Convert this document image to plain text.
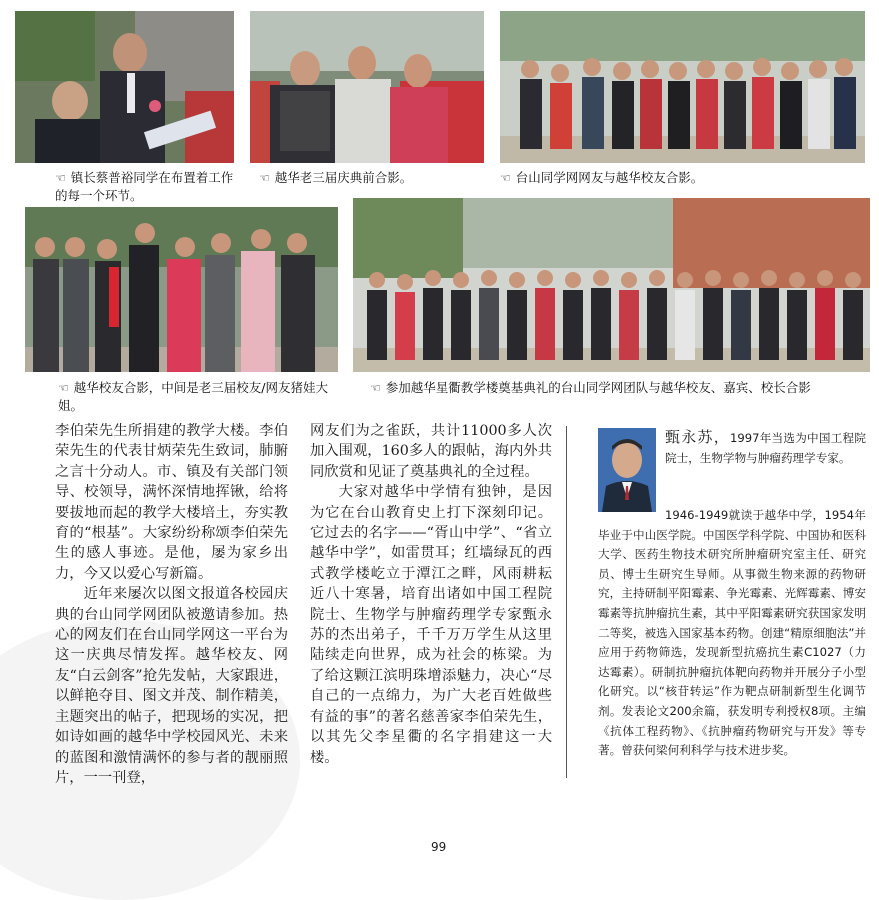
☜ 镇长蔡普裕同学在布置着工作的每一个环节。
☜ 越华老三届庆典前合影。	☜ 台山同学网网友与越华校友合影。
☜ 越华校友合影，中间是老三届校友/网友猪娃大姐。
☜ 参加越华星衢教学楼奠基典礼的台山同学网团队与越华校友、嘉宾、校长合影

李伯荣先生所捐建的教学大楼。李伯荣先生的代表甘炳荣先生致词，肺腑之言十分动人。市、镇及有关部门领导、校领导，满怀深情地挥锹，给将要拔地而起的教学大楼培土，夯实教育的“根基”。大家纷纷称颂李伯荣先生的感人事迹。是他，屡为家乡出力，今又以爱心写新篇。

近年来屡次以图文报道各校园庆典的台山同学网团队被邀请参加。热心的网友们在台山同学网这一平台为这一庆典尽情发挥。越华校友、网友“白云剑客”抢先发帖，大家跟进，以鲜艳夺目、图文并茂、制作精美，主题突出的帖子，把现场的实况，把如诗如画的越华中学校园风光、未来的蓝图和激情满怀的参与者的靓丽照片，一一刊登，

网友们为之雀跃，共计11000多人次加入围观，160多人的跟帖，海内外共同欣赏和见证了奠基典礼的全过程。

大家对越华中学情有独钟，是因为它在台山教育史上打下深刻印记。它过去的名字——“胥山中学”、“省立越华中学”，如雷贯耳；红墙绿瓦的西式教学楼屹立于潭江之畔，风雨耕耘近八十寒暑，培育出诸如中国工程院院士、生物学与肿瘤药理学专家甄永苏的杰出弟子，千千万万学生从这里陆续走向世界，成为社会的栋梁。为了给这颗江滨明珠增添魅力，决心“尽自己的一点绵力，为广大老百姓做些有益的事”的著名慈善家李伯荣先生，以其先父李星衢的名字捐建这一大楼。

甄永苏，1997年当选为中国工程院院士，生物学物与肿瘤药理学专家。
1946-1949就读于越华中学，1954年毕业于中山医学院。中国医学科学院、中国协和医科大学、医药生物技术研究所肿瘤研究室主任、研究员、博士生研究生导师。从事微生物来源的药物研究，主持研制平阳霉素、争光霉素、光辉霉素、博安霉素等抗肿瘤抗生素，其中平阳霉素研究获国家发明二等奖，被选入国家基本药物。创建“精原细胞法”并应用于药物筛选，发现新型抗癌抗生素C1027（力达霉素）。研制抗肿瘤抗体靶向药物并开展分子小型化研究。以“核苷转运”作为靶点研制新型生化调节剂。发表论文200余篇，获发明专利授权8项。主编《抗体工程药物》、《抗肿瘤药物研究与开发》等专著。曾获何梁何利科学与技术进步奖。
99
